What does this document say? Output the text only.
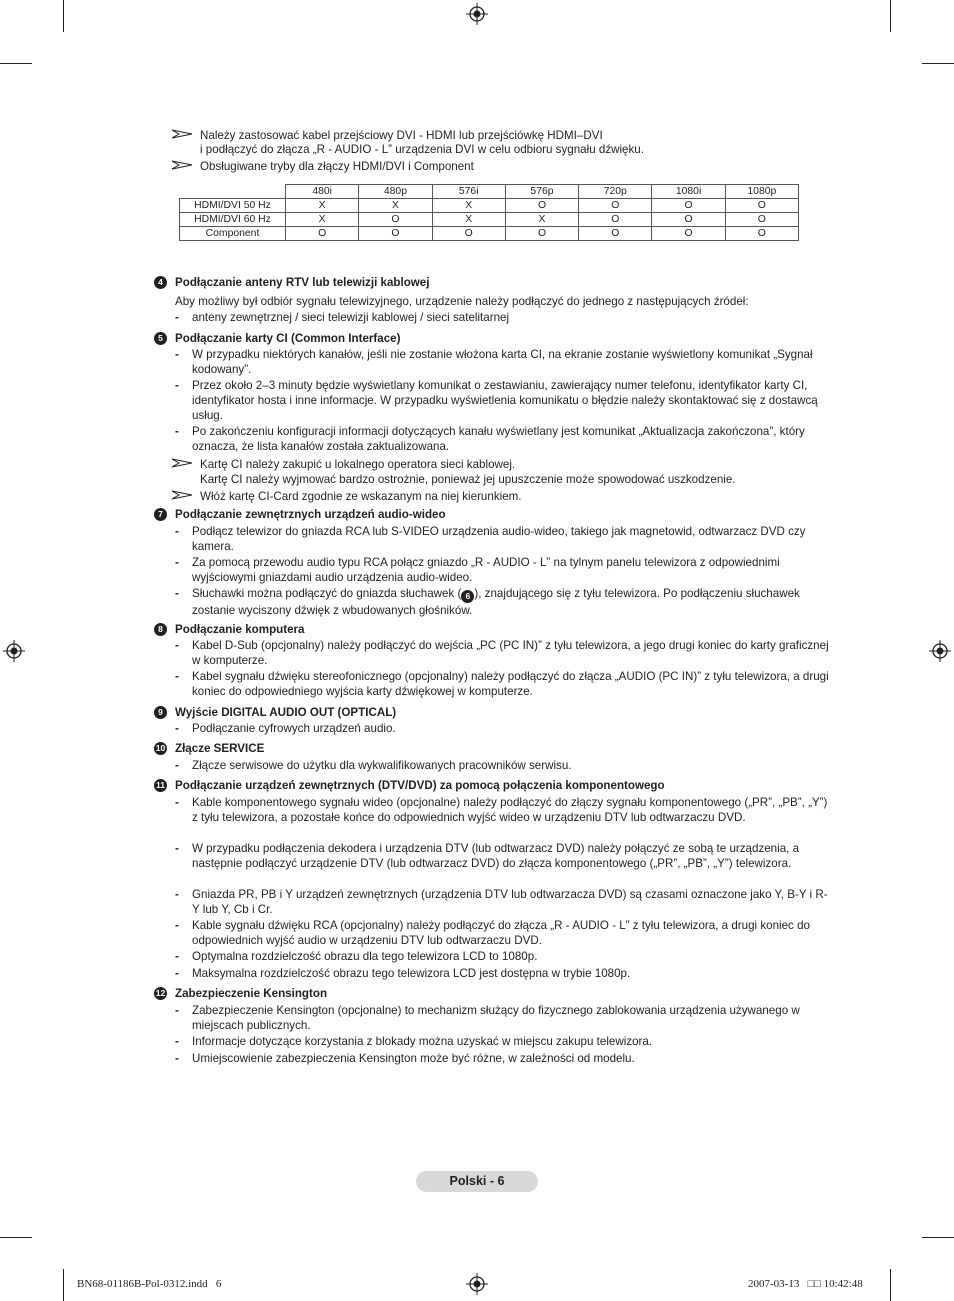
Należy zastosować kabel przejściowy DVI - HDMI lub przejściówkę HDMI–DVI
i podłączyć do złącza „R - AUDIO - L” urządzenia DVI w celu odbioru sygnału dźwięku.
Obsługiwane tryby dla złączy HDMI/DVI i Component
	480i	480p	576i	576p	720p	1080i	1080p
HDMI/DVI 50 Hz	X	X	X	O	O	O	O
HDMI/DVI 60 Hz	X	O	X	X	O	O	O
Component	O	O	O	O	O	O	O
4	Podłączanie anteny RTV lub telewizji kablowej
Aby możliwy był odbiór sygnału telewizyjnego, urządzenie należy podłączyć do jednego z następujących źródeł:
- anteny zewnętrznej / sieci telewizji kablowej / sieci satelitarnej
5	Podłączanie karty CI (Common Interface)
- W przypadku niektórych kanałów, jeśli nie zostanie włożona karta CI, na ekranie zostanie wyświetlony komunikat „Sygnał kodowany”.
- Przez około 2–3 minuty będzie wyświetlany komunikat o zestawianiu, zawierający numer telefonu, identyfikator karty CI, identyfikator hosta i inne informacje. W przypadku wyświetlenia komunikatu o błędzie należy skontaktować się z dostawcą usług.
- Po zakończeniu konfiguracji informacji dotyczących kanału wyświetlany jest komunikat „Aktualizacja zakończona”, który oznacza, że lista kanałów została zaktualizowana.
Kartę CI należy zakupić u lokalnego operatora sieci kablowej.
Kartę CI należy wyjmować bardzo ostrożnie, ponieważ jej upuszczenie może spowodować uszkodzenie.
Włóż kartę CI-Card zgodnie ze wskazanym na niej kierunkiem.
7	Podłączanie zewnętrznych urządzeń audio-wideo
- Podłącz telewizor do gniazda RCA lub S-VIDEO urządzenia audio-wideo, takiego jak magnetowid, odtwarzacz DVD czy kamera.
- Za pomocą przewodu audio typu RCA połącz gniazdo „R - AUDIO - L” na tylnym panelu telewizora z odpowiednimi wyjściowymi gniazdami audio urządzenia audio-wideo.
- Słuchawki można podłączyć do gniazda słuchawek ( 6 ), znajdującego się z tyłu telewizora. Po podłączeniu słuchawek zostanie wyciszony dźwięk z wbudowanych głośników.
8	Podłączanie komputera
- Kabel D-Sub (opcjonalny) należy podłączyć do wejścia „PC (PC IN)” z tyłu telewizora, a jego drugi koniec do karty graficznej w komputerze.
- Kabel sygnału dźwięku stereofonicznego (opcjonalny) należy podłączyć do złącza „AUDIO (PC IN)” z tyłu telewizora, a drugi koniec do odpowiedniego wyjścia karty dźwiękowej w komputerze.
9	Wyjście DIGITAL AUDIO OUT (OPTICAL)
- Podłączanie cyfrowych urządzeń audio.
10 Złącze SERVICE
- Złącze serwisowe do użytku dla wykwalifikowanych pracowników serwisu.
11 Podłączanie urządzeń zewnętrznych (DTV/DVD) za pomocą połączenia komponentowego
- Kable komponentowego sygnału wideo (opcjonalne) należy podłączyć do złączy sygnału komponentowego („PR”, „PB”, „Y”) z tyłu telewizora, a pozostałe końce do odpowiednich wyjść wideo w urządzeniu DTV lub odtwarzaczu DVD.
- W przypadku podłączenia dekodera i urządzenia DTV (lub odtwarzacz DVD) należy połączyć ze sobą te urządzenia, a następnie podłączyć urządzenie DTV (lub odtwarzacz DVD) do złącza komponentowego („PR”, „PB”, „Y”) telewizora.
- Gniazda PR, PB i Y urządzeń zewnętrznych (urządzenia DTV lub odtwarzacza DVD) są czasami oznaczone jako Y, B-Y i R-Y lub Y, Cb i Cr.
- Kable sygnału dźwięku RCA (opcjonalny) należy podłączyć do złącza „R - AUDIO - L” z tyłu telewizora, a drugi koniec do odpowiednich wyjść audio w urządzeniu DTV lub odtwarzaczu DVD.
- Optymalna rozdzielczość obrazu dla tego telewizora LCD to 1080p.
- Maksymalna rozdzielczość obrazu tego telewizora LCD jest dostępna w trybie 1080p.
12 Zabezpieczenie Kensington
- Zabezpieczenie Kensington (opcjonalne) to mechanizm służący do fizycznego zablokowania urządzenia używanego w miejscach publicznych.
- Informacje dotyczące korzystania z blokady można uzyskać w miejscu zakupu telewizora.
- Umiejscowienie zabezpieczenia Kensington może być różne, w zależności od modelu.
Polski - 6
BN68-01186B-Pol-0312.indd   6	2007-03-13   □□ 10:42:48
